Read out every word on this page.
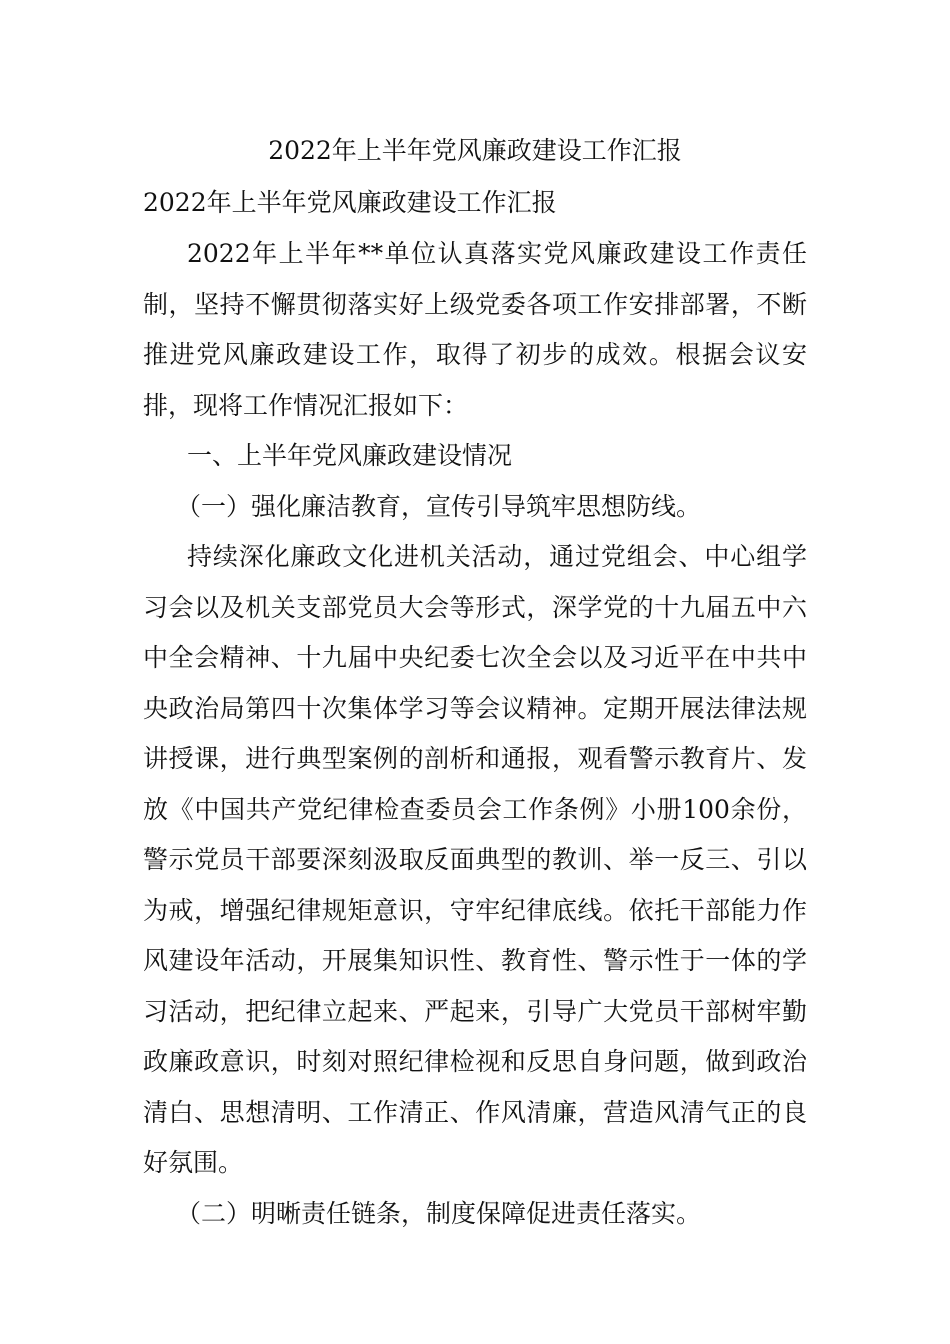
2022年上半年党风廉政建设工作汇报
2022年上半年党风廉政建设工作汇报

2022年上半年**单位认真落实党风廉政建设工作责任制，坚持不懈贯彻落实好上级党委各项工作安排部署，不断推进党风廉政建设工作，取得了初步的成效。根据会议安排，现将工作情况汇报如下：

一、上半年党风廉政建设情况

（一）强化廉洁教育，宣传引导筑牢思想防线。

持续深化廉政文化进机关活动，通过党组会、中心组学习会以及机关支部党员大会等形式，深学党的十九届五中六中全会精神、十九届中央纪委七次全会以及习近平在中共中央政治局第四十次集体学习等会议精神。定期开展法律法规讲授课，进行典型案例的剖析和通报，观看警示教育片、发放《中国共产党纪律检查委员会工作条例》小册100余份，警示党员干部要深刻汲取反面典型的教训、举一反三、引以为戒，增强纪律规矩意识，守牢纪律底线。依托干部能力作风建设年活动，开展集知识性、教育性、警示性于一体的学习活动，把纪律立起来、严起来，引导广大党员干部树牢勤政廉政意识，时刻对照纪律检视和反思自身问题，做到政治清白、思想清明、工作清正、作风清廉，营造风清气正的良好氛围。

（二）明晰责任链条，制度保障促进责任落实。
